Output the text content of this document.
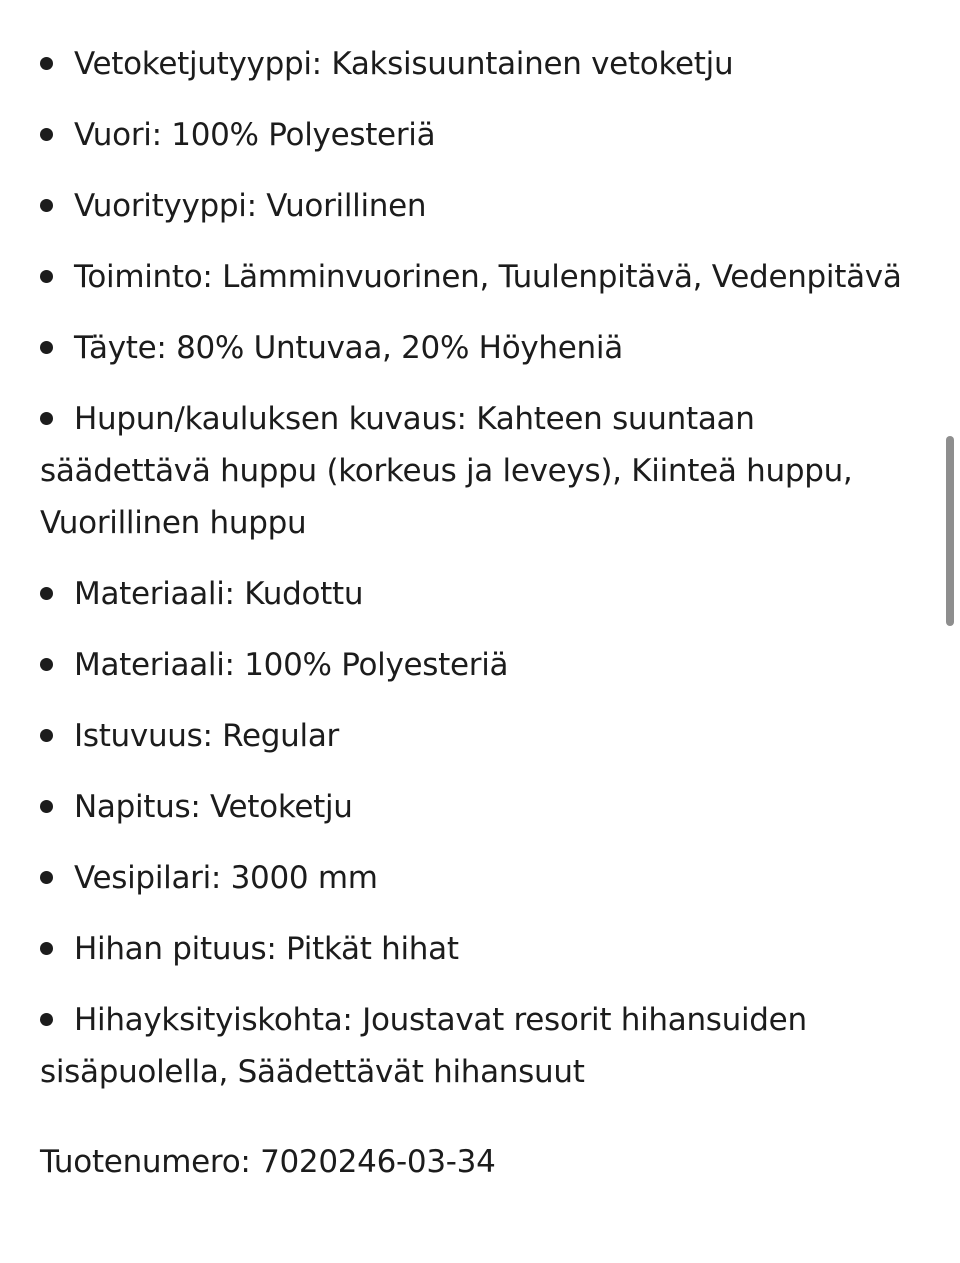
Vetoketjutyyppi: Kaksisuuntainen vetoketju
Vuori: 100% Polyesteriä
Vuorityyppi: Vuorillinen
Toiminto: Lämminvuorinen, Tuulenpitävä, Vedenpitävä
Täyte: 80% Untuvaa, 20% Höyheniä
Hupun/kauluksen kuvaus: Kahteen suuntaan säädettävä huppu (korkeus ja leveys), Kiinteä huppu, Vuorillinen huppu
Materiaali: Kudottu
Materiaali: 100% Polyesteriä
Istuvuus: Regular
Napitus: Vetoketju
Vesipilari: 3000 mm
Hihan pituus: Pitkät hihat
Hihayksityiskohta: Joustavat resorit hihansuiden sisäpuolella, Säädettävät hihansuut
Tuotenumero: 7020246-03-34
